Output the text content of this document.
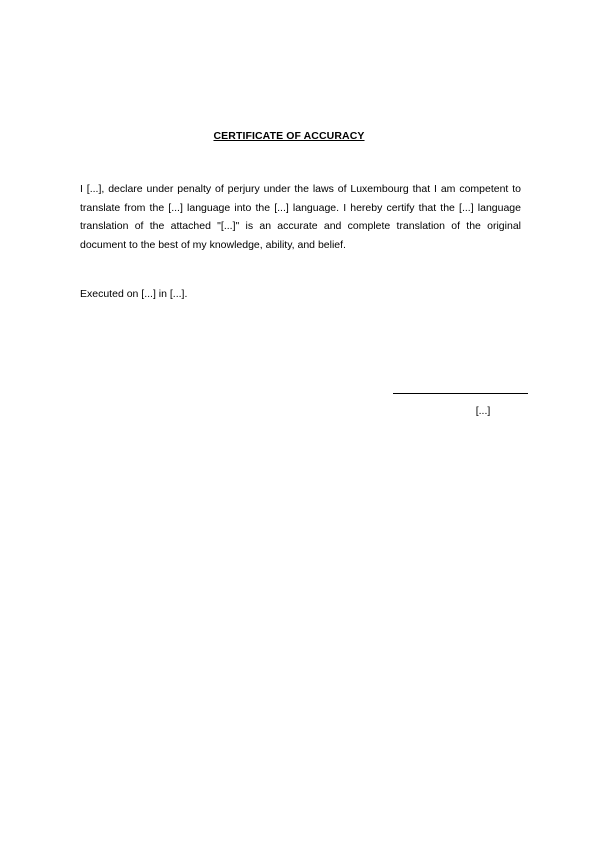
CERTIFICATE OF ACCURACY
I [...], declare under penalty of perjury under the laws of Luxembourg that I am competent to translate from the [...] language into the [...] language. I hereby certify that the [...] language translation of the attached "[...]" is an accurate and complete translation of the original document to the best of my knowledge, ability, and belief.
Executed on [...] in [...].
[...]
